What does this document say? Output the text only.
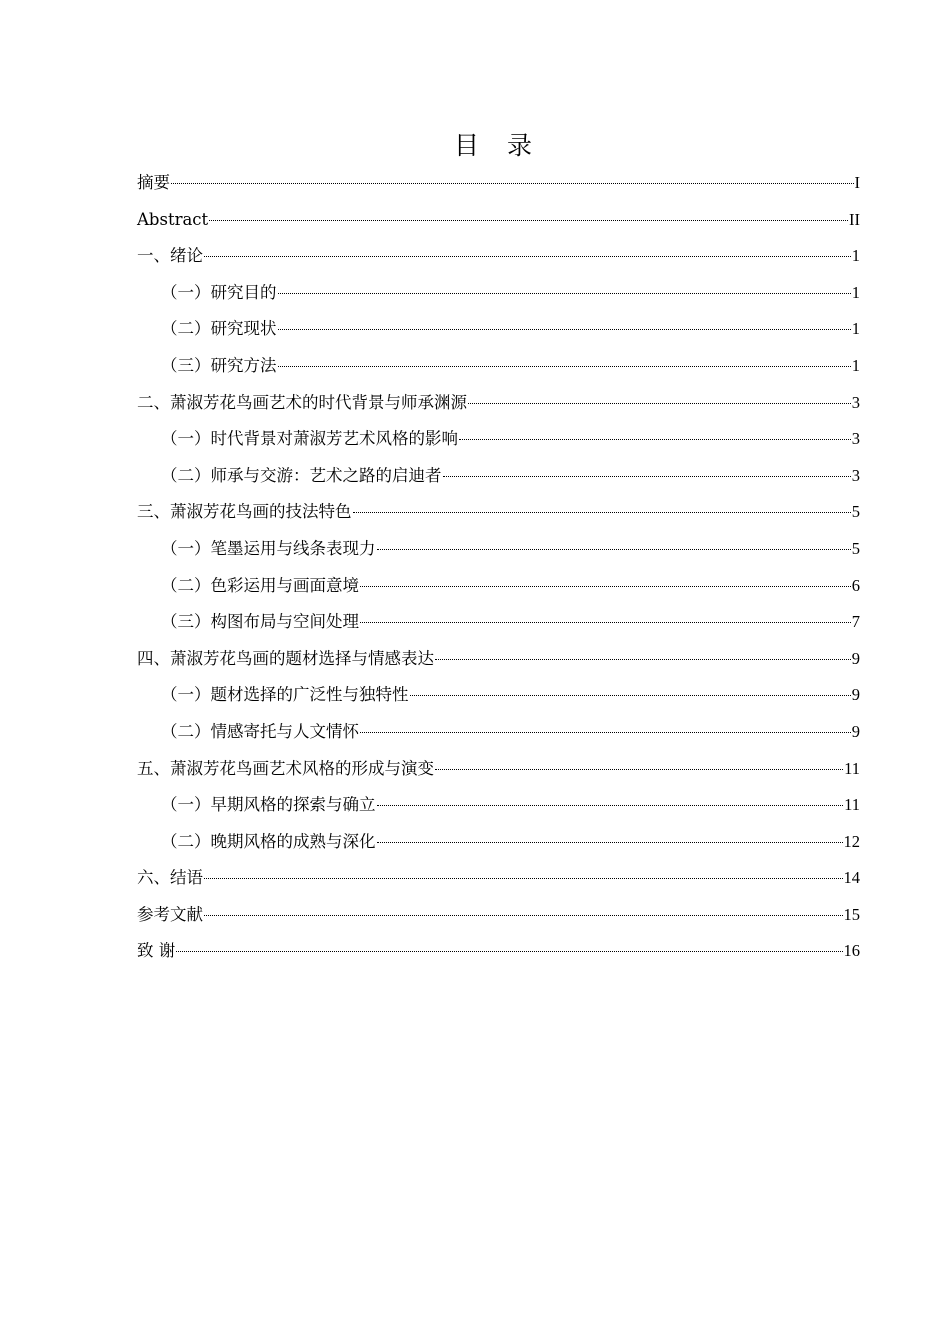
目 录
摘要	I
Abstract	II
一、绪论	1
（一）研究目的	1
（二）研究现状	1
（三）研究方法	1
二、萧淑芳花鸟画艺术的时代背景与师承渊源	3
（一）时代背景对萧淑芳艺术风格的影响	3
（二）师承与交游：艺术之路的启迪者	3
三、萧淑芳花鸟画的技法特色	5
（一）笔墨运用与线条表现力	5
（二）色彩运用与画面意境	6
（三）构图布局与空间处理	7
四、萧淑芳花鸟画的题材选择与情感表达	9
（一）题材选择的广泛性与独特性	9
（二）情感寄托与人文情怀	9
五、萧淑芳花鸟画艺术风格的形成与演变	11
（一）早期风格的探索与确立	11
（二）晚期风格的成熟与深化	12
六、结语	14
参考文献	15
致 谢	16
